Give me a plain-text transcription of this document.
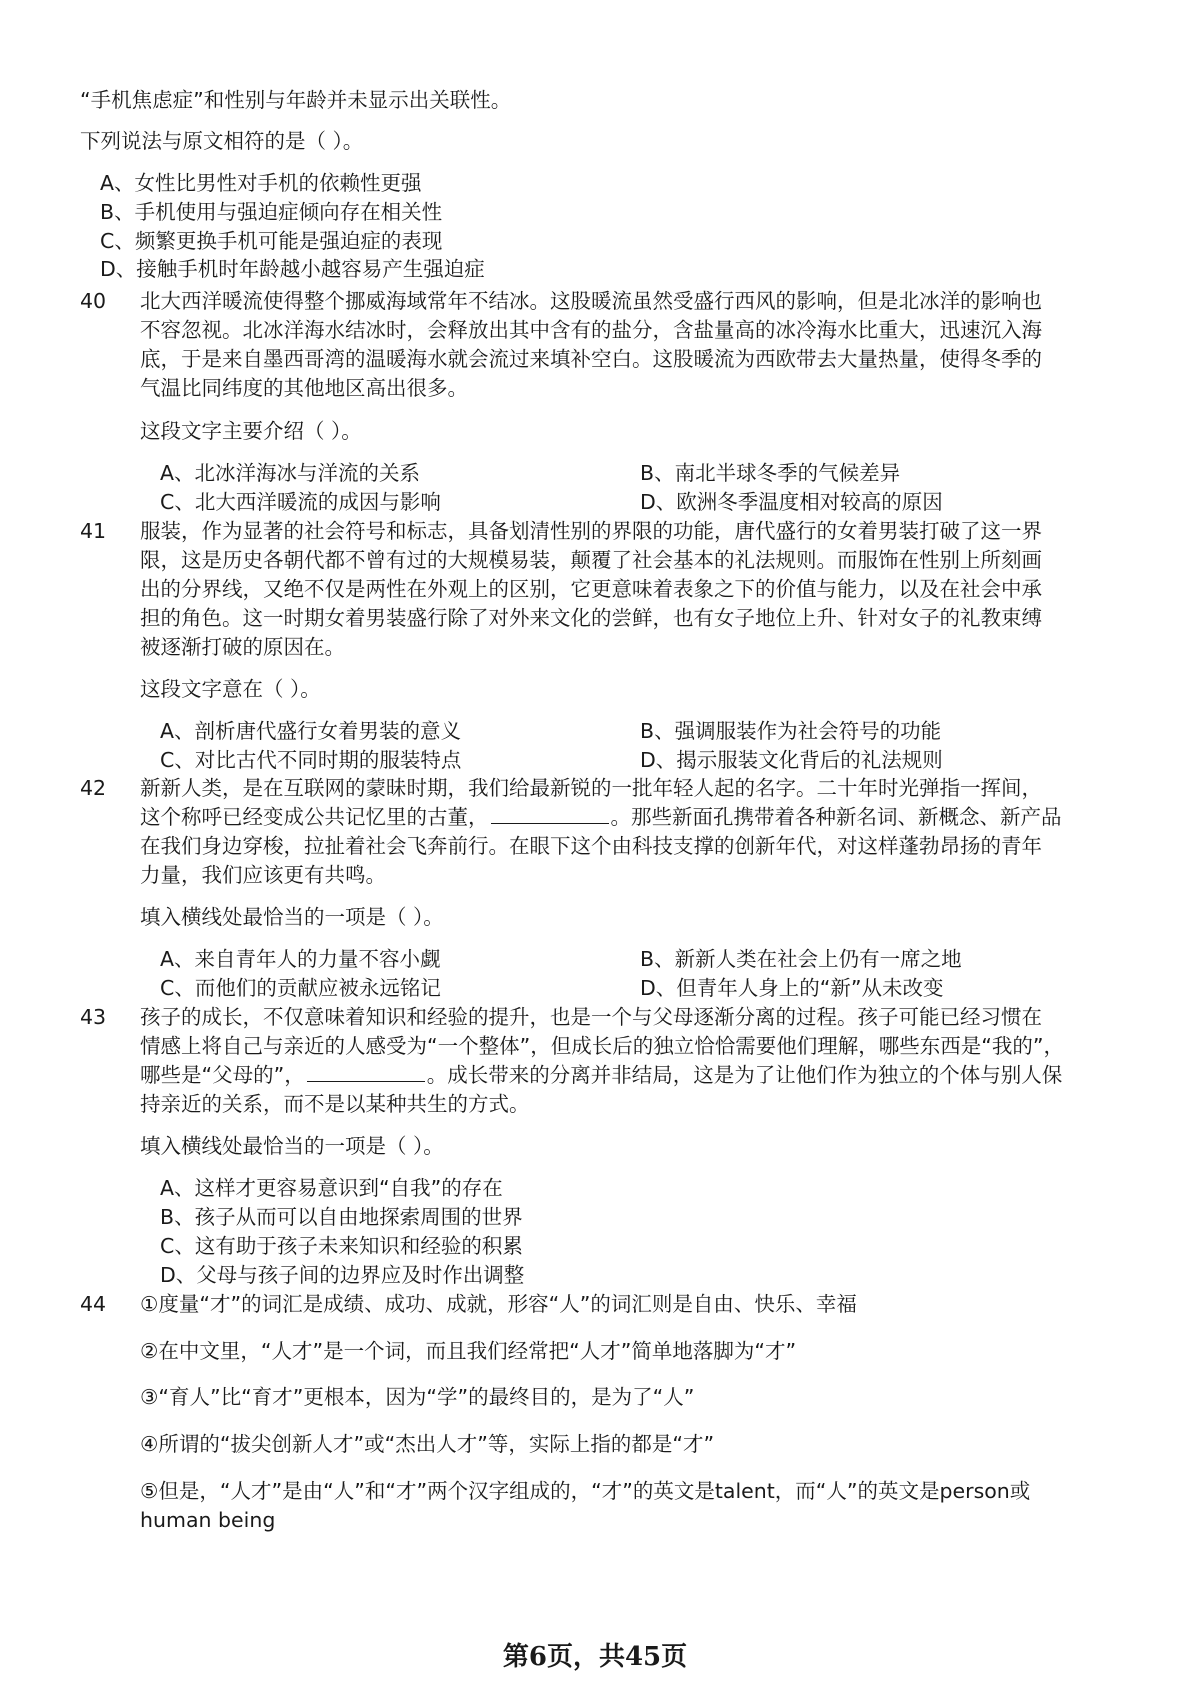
“手机焦虑症”和性别与年龄并未显示出关联性。
下列说法与原文相符的是（ ）。
A、女性比男性对手机的依赖性更强
B、手机使用与强迫症倾向存在相关性
C、频繁更换手机可能是强迫症的表现
D、接触手机时年龄越小越容易产生强迫症
40 北大西洋暖流使得整个挪威海域常年不结冰。这股暖流虽然受盛行西风的影响，但是北冰洋的影响也
不容忽视。北冰洋海水结冰时，会释放出其中含有的盐分，含盐量高的冰冷海水比重大，迅速沉入海
底，于是来自墨西哥湾的温暖海水就会流过来填补空白。这股暖流为西欧带去大量热量，使得冬季的
气温比同纬度的其他地区高出很多。
这段文字主要介绍（ ）。
A、北冰洋海冰与洋流的关系	B、南北半球冬季的气候差异
C、北大西洋暖流的成因与影响	D、欧洲冬季温度相对较高的原因
41 服装，作为显著的社会符号和标志，具备划清性别的界限的功能，唐代盛行的女着男装打破了这一界
限，这是历史各朝代都不曾有过的大规模易装，颠覆了社会基本的礼法规则。而服饰在性别上所刻画
出的分界线，又绝不仅是两性在外观上的区别，它更意味着表象之下的价值与能力，以及在社会中承
担的角色。这一时期女着男装盛行除了对外来文化的尝鲜，也有女子地位上升、针对女子的礼教束缚
被逐渐打破的原因在。
这段文字意在（ ）。
A、剖析唐代盛行女着男装的意义	B、强调服装作为社会符号的功能
C、对比古代不同时期的服装特点	D、揭示服装文化背后的礼法规则
42 新新人类，是在互联网的蒙昧时期，我们给最新锐的一批年轻人起的名字。二十年时光弹指一挥间，
这个称呼已经变成公共记忆里的古董，	。那些新面孔携带着各种新名词、新概念、新产品
在我们身边穿梭，拉扯着社会飞奔前行。在眼下这个由科技支撑的创新年代，对这样蓬勃昂扬的青年
力量，我们应该更有共鸣。
填入横线处最恰当的一项是（ ）。
A、来自青年人的力量不容小觑	B、新新人类在社会上仍有一席之地
C、而他们的贡献应被永远铭记	D、但青年人身上的“新”从未改变
43 孩子的成长，不仅意味着知识和经验的提升，也是一个与父母逐渐分离的过程。孩子可能已经习惯在
情感上将自己与亲近的人感受为“一个整体”，但成长后的独立恰恰需要他们理解，哪些东西是“我的”，
哪些是“父母的”，	。成长带来的分离并非结局，这是为了让他们作为独立的个体与别人保
持亲近的关系，而不是以某种共生的方式。
填入横线处最恰当的一项是（ ）。
A、这样才更容易意识到“自我”的存在
B、孩子从而可以自由地探索周围的世界
C、这有助于孩子未来知识和经验的积累
D、父母与孩子间的边界应及时作出调整
44 ①度量“才”的词汇是成绩、成功、成就，形容“人”的词汇则是自由、快乐、幸福
②在中文里，“人才”是一个词，而且我们经常把“人才”简单地落脚为“才”
③“育人”比“育才”更根本，因为“学”的最终目的，是为了“人”
④所谓的“拔尖创新人才”或“杰出人才”等，实际上指的都是“才”
⑤但是，“人才”是由“人”和“才”两个汉字组成的，“才”的英文是talent，而“人”的英文是person或
human being
第6页，共45页
